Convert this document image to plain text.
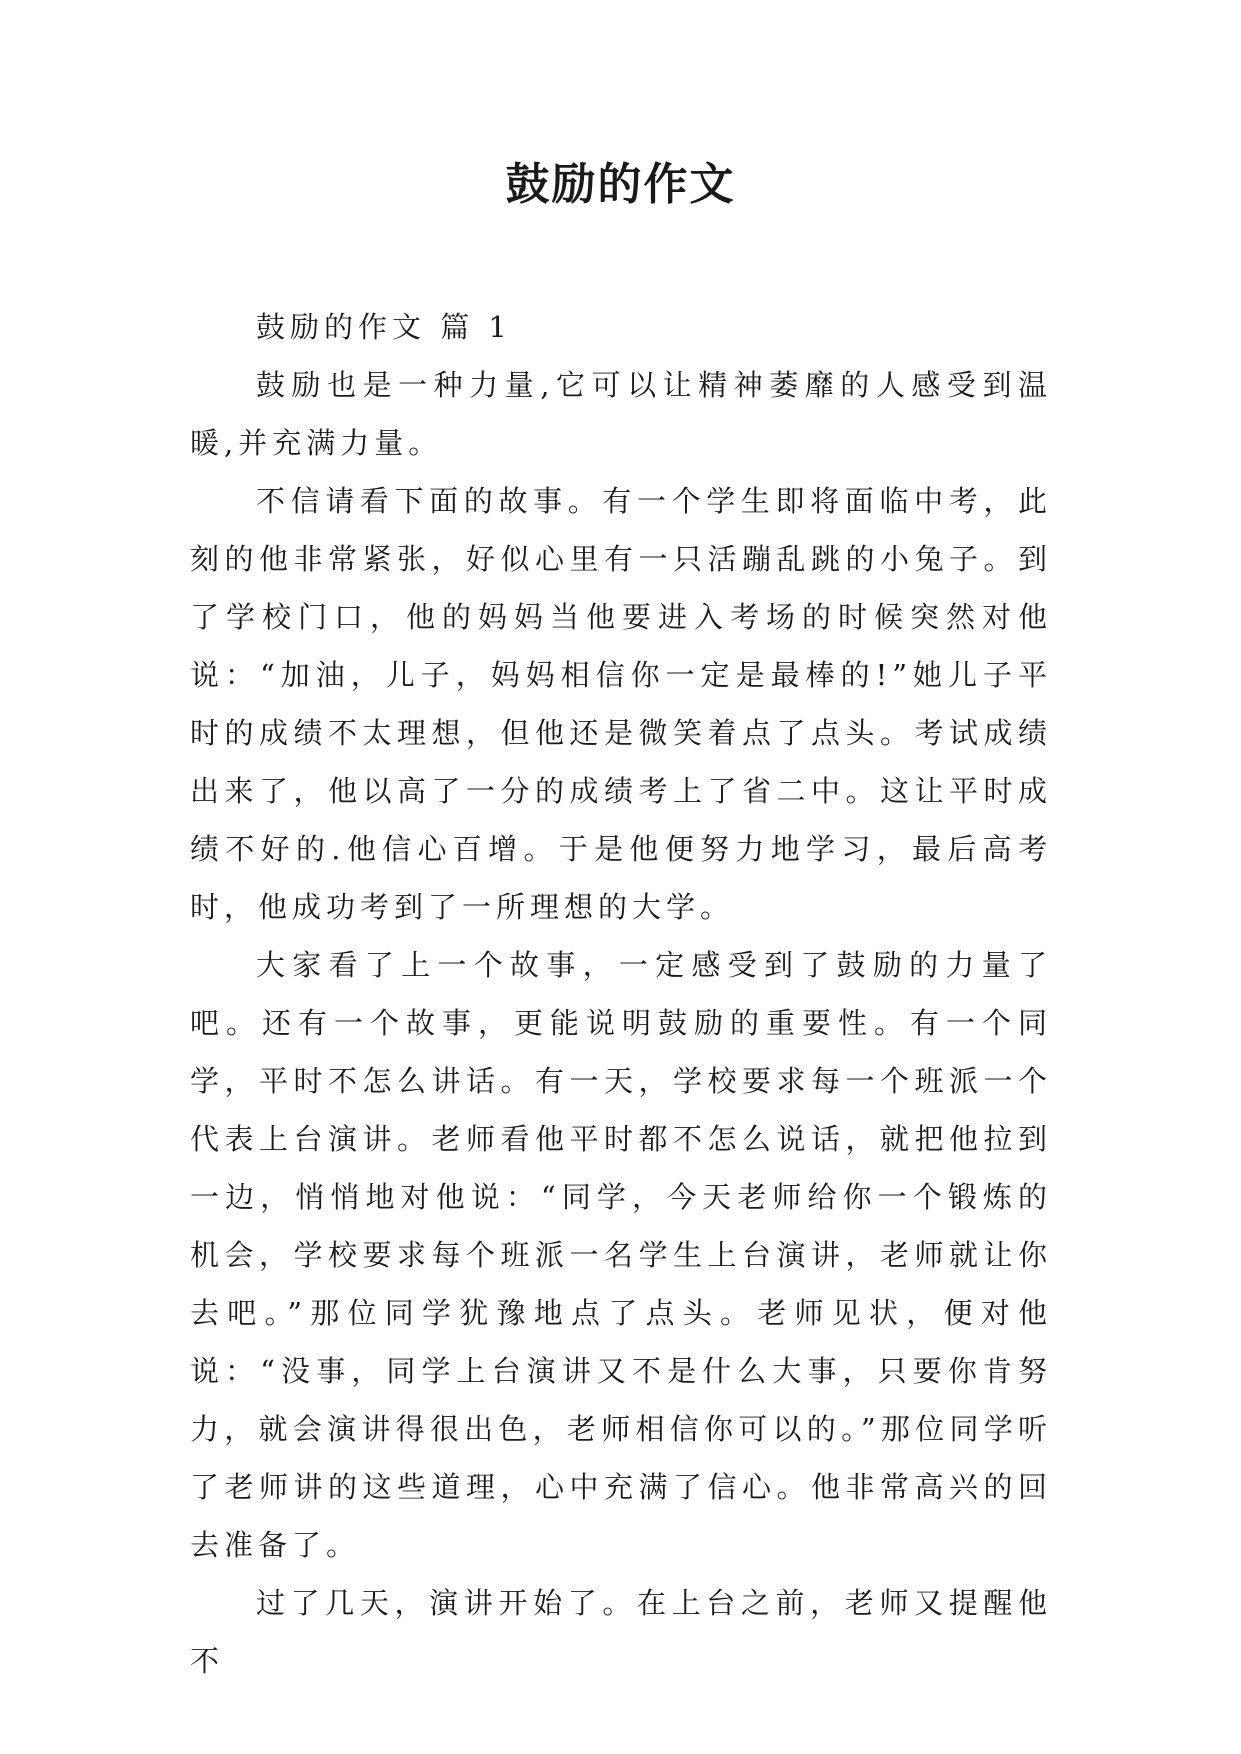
鼓励的作文

鼓励的作文 篇 1

鼓励也是一种力量,它可以让精神萎靡的人感受到温暖,并充满力量。

不信请看下面的故事。有一个学生即将面临中考，此刻的他非常紧张，好似心里有一只活蹦乱跳的小兔子。到了学校门口，他的妈妈当他要进入考场的时候突然对他说：“加油，儿子，妈妈相信你一定是最棒的!”她儿子平时的成绩不太理想，但他还是微笑着点了点头。考试成绩出来了，他以高了一分的成绩考上了省二中。这让平时成绩不好的.他信心百增。于是他便努力地学习，最后高考时，他成功考到了一所理想的大学。

大家看了上一个故事，一定感受到了鼓励的力量了吧。还有一个故事，更能说明鼓励的重要性。有一个同学，平时不怎么讲话。有一天，学校要求每一个班派一个代表上台演讲。老师看他平时都不怎么说话，就把他拉到一边，悄悄地对他说：“同学，今天老师给你一个锻炼的机会，学校要求每个班派一名学生上台演讲，老师就让你去吧。”那位同学犹豫地点了点头。老师见状，便对他说：“没事，同学上台演讲又不是什么大事，只要你肯努力，就会演讲得很出色，老师相信你可以的。”那位同学听了老师讲的这些道理，心中充满了信心。他非常高兴的回去准备了。

过了几天，演讲开始了。在上台之前，老师又提醒他不
